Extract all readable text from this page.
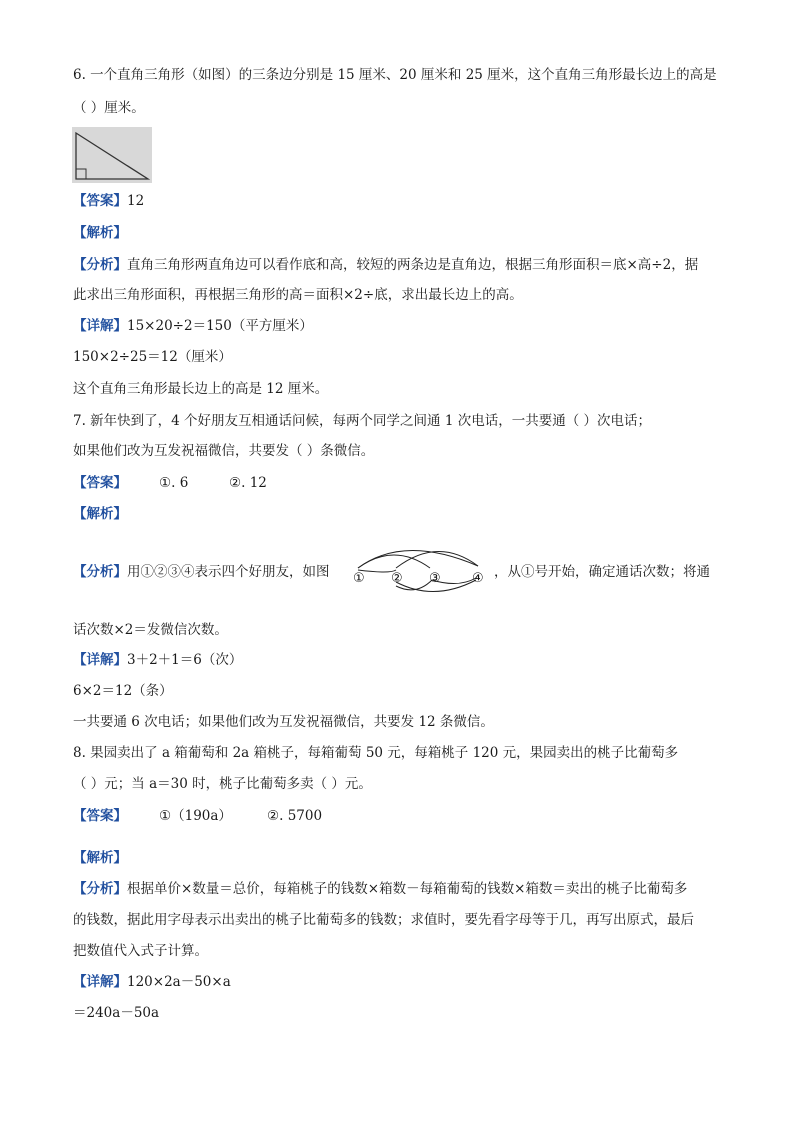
6. 一个直角三角形（如图）的三条边分别是 15 厘米、20 厘米和 25 厘米，这个直角三角形最长边上的高是
（ ）厘米。
【答案】12
【解析】
【分析】直角三角形两直角边可以看作底和高，较短的两条边是直角边，根据三角形面积＝底×高÷2，据
此求出三角形面积，再根据三角形的高＝面积×2÷底，求出最长边上的高。
【详解】15×20÷2＝150（平方厘米）
150×2÷25＝12（厘米）
这个直角三角形最长边上的高是 12 厘米。
7. 新年快到了，4 个好朋友互相通话问候，每两个同学之间通 1 次电话，一共要通（ ）次电话；
如果他们改为互发祝福微信，共要发（ ）条微信。
【答案】 ①. 6	②. 12
【解析】
【分析】用①②③④表示四个好朋友，如图	，从①号开始，确定通话次数；将通
① ② ③ ④
话次数×2＝发微信次数。
【详解】3＋2＋1＝6（次）
6×2＝12（条）
一共要通 6 次电话；如果他们改为互发祝福微信，共要发 12 条微信。
8. 果园卖出了 a 箱葡萄和 2a 箱桃子，每箱葡萄 50 元，每箱桃子 120 元，果园卖出的桃子比葡萄多
（ ）元；当 a＝30 时，桃子比葡萄多卖（ ）元。
【答案】 ①（190a）	②. 5700
【解析】
【分析】根据单价×数量＝总价，每箱桃子的钱数×箱数－每箱葡萄的钱数×箱数＝卖出的桃子比葡萄多
的钱数，据此用字母表示出卖出的桃子比葡萄多的钱数；求值时，要先看字母等于几，再写出原式，最后
把数值代入式子计算。
【详解】120×2a－50×a
＝240a－50a
